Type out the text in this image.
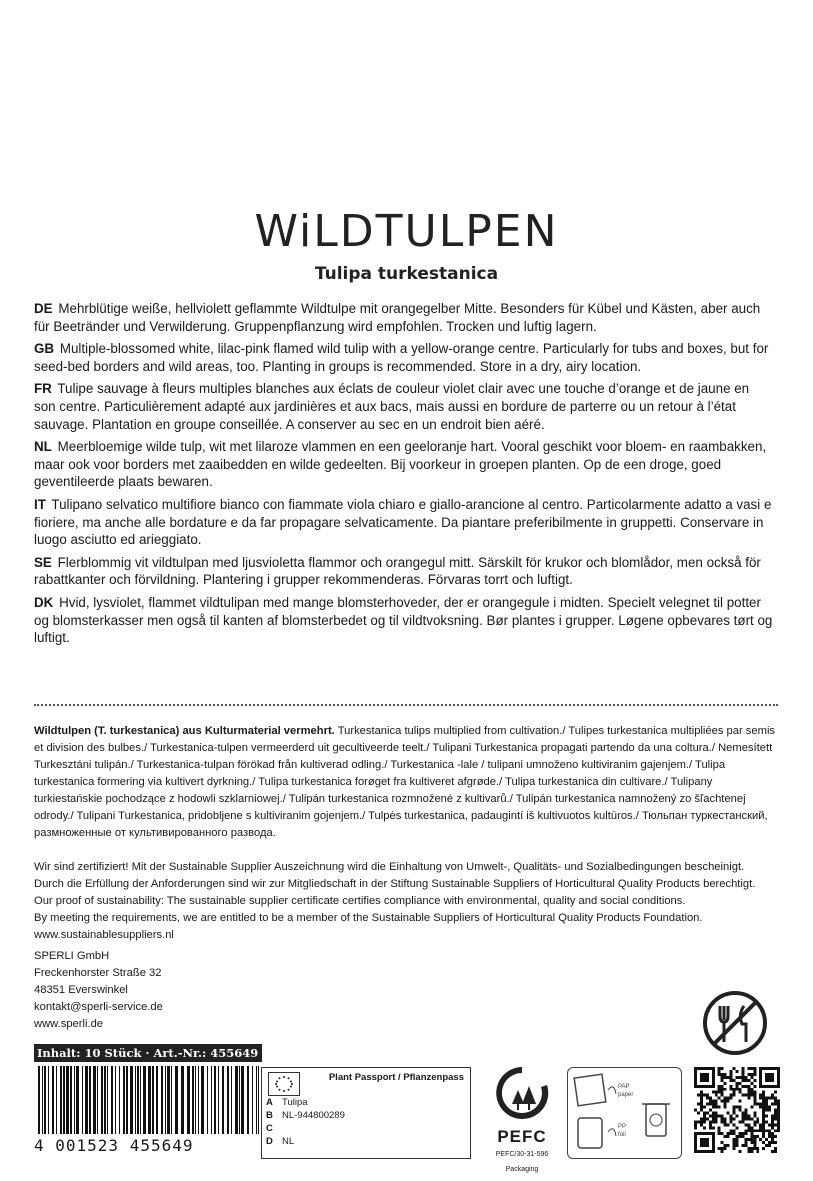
WiLDTULPEN
Tulipa turkestanica
DE Mehrblütige weiße, hellviolett geflammte Wildtulpe mit orangegelber Mitte. Besonders für Kübel und Kästen, aber auch für Beetränder und Verwilderung. Gruppenpflanzung wird empfohlen. Trocken und luftig lagern.
GB Multiple-blossomed white, lilac-pink flamed wild tulip with a yellow-orange centre. Particularly for tubs and boxes, but for seed-bed borders and wild areas, too. Planting in groups is recommended. Store in a dry, airy location.
FR Tulipe sauvage à fleurs multiples blanches aux éclats de couleur violet clair avec une touche d’orange et de jaune en son centre. Particulièrement adapté aux jardinières et aux bacs, mais aussi en bordure de parterre ou un retour à l’état sauvage. Plantation en groupe conseillée. A conserver au sec en un endroit bien aéré.
NL Meerbloemige wilde tulp, wit met lilaroze vlammen en een geeloranje hart. Vooral geschikt voor bloem- en raambakken, maar ook voor borders met zaaibedden en wilde gedeelten. Bij voorkeur in groepen planten. Op de een droge, goed geventileerde plaats bewaren.
IT Tulipano selvatico multifiore bianco con fiammate viola chiaro e giallo-arancione al centro. Particolarmente adatto a vasi e fioriere, ma anche alle bordature e da far propagare selvaticamente. Da piantare preferibilmente in gruppetti. Conservare in luogo asciutto ed arieggiato.
SE Flerblommig vit vildtulpan med ljusvioletta flammor och orangegul mitt. Särskilt för krukor och blomlådor, men också för rabattkanter och förvildning. Plantering i grupper rekommenderas. Förvaras torrt och luftigt.
DK Hvid, lysviolet, flammet vildtulipan med mange blomsterhoveder, der er orangegule i midten. Specielt velegnet til potter og blomsterkasser men også til kanten af blomsterbedet og til vildtvoksning. Bør plantes i grupper. Løgene opbevares tørt og luftigt.
Wildtulpen (T. turkestanica) aus Kulturmaterial vermehrt. Turkestanica tulips multiplied from cultivation./ Tulipes turkestanica multipliées par semis et division des bulbes./ Turkestanica-tulpen vermeerderd uit gecultiveerde teelt./ Tulipani Turkestanica propagati partendo da una coltura./ Nemesített Turkesztáni tulipán./ Turkestanica-tulpan förökad från kultiverad odling./ Turkestanica -lale / tulipani umnoženo kultiviranim gajenjem./ Tulipa turkestanica formering via kultivert dyrkning./ Tulipa turkestanica forøget fra kultiveret afgrøde./ Tulipa turkestanica din cultivare./ Tulipany turkiestańskie pochodzące z hodowli szklarniowej./ Tulipán turkestanica rozmnožené z kultivarů./ Tulipán turkestanica namnožený zo šľachtenej odrody./ Tulipani Turkestanica, pridobljene s kultiviranim gojenjem./ Tulpės turkestanica, padaugintí iš kultivuotos kultūros./ Тюльпан туркестанский, размноженные от культивированного развода.
Wir sind zertifiziert! Mit der Sustainable Supplier Auszeichnung wird die Einhaltung von Umwelt-, Qualitäts- und Sozialbedingungen bescheinigt.
Durch die Erfüllung der Anforderungen sind wir zur Mitgliedschaft in der Stiftung Sustainable Suppliers of Horticultural Quality Products berechtigt.
Our proof of sustainability: The sustainable supplier certificate certifies compliance with environmental, quality and social conditions.
By meeting the requirements, we are entitled to be a member of the Sustainable Suppliers of Horticultural Quality Products Foundation.
www.sustainablesuppliers.nl
SPERLI GmbH
Freckenhorster Straße 32
48351 Everswinkel
kontakt@sperli-service.de
www.sperli.de
Inhalt: 10 Stück · Art.-Nr.: 455649
4 001523 455649
Plant Passport / Pflanzenpass
A Tulipa
B NL-944800289
C
D NL	PEFC
PEFC/30-31-596
Packaging
PAP
paper
PP
foil
